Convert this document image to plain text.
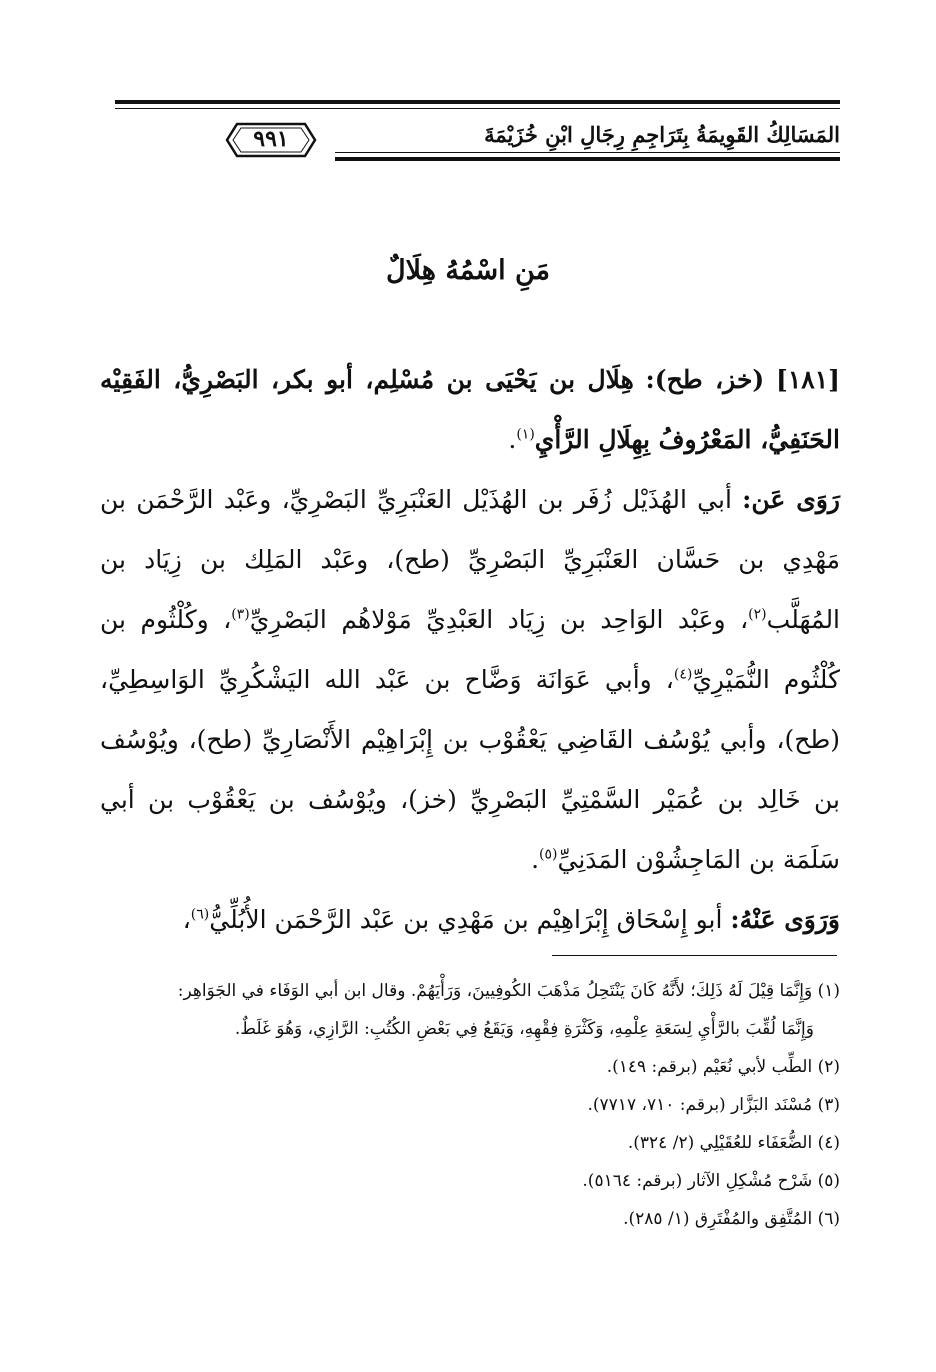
المَسَالِكُ القَوِيمَةُ بِتَرَاجِمِ رِجَالِ ابْنِ خُزَيْمَةَ
٩٩١
مَنِ اسْمُهُ هِلَالٌ

[١٨١] (خز، طح): هِلَال بن يَحْيَى بن مُسْلِم، أبو بكر، البَصْرِيُّ، الفَقِيْه الحَنَفِيُّ، المَعْرُوفُ بِهِلَالِ الرَّأْيِ$^{(١)}$.

رَوَى عَن: أبي الهُذَيْل زُفَر بن الهُذَيْل العَنْبَرِيِّ البَصْرِيِّ، وعَبْد الرَّحْمَن بن مَهْدِي بن حَسَّان العَنْبَرِيِّ البَصْرِيِّ (طح)، وعَبْد المَلِك بن زِيَاد بن المُهَلَّب$^{(٢)}$، وعَبْد الوَاحِد بن زِيَاد العَبْدِيِّ مَوْلاهُم البَصْرِيِّ$^{(٣)}$، وكُلْثُوم بن كُلْثُوم النُّمَيْرِيِّ$^{(٤)}$، وأبي عَوَانَة وَضَّاح بن عَبْد الله اليَشْكُرِيِّ الوَاسِطِيِّ، (طح)، وأبي يُوْسُف القَاضِي يَعْقُوْب بن إِبْرَاهِيْم الأَنْصَارِيِّ (طح)، ويُوْسُف بن خَالِد بن عُمَيْر السَّمْتِيِّ البَصْرِيِّ (خز)، ويُوْسُف بن يَعْقُوْب بن أبي سَلَمَة بن المَاجِشُوْن المَدَنِيِّ$^{(٥)}$.

وَرَوَى عَنْهُ: أبو إِسْحَاق إِبْرَاهِيْم بن مَهْدِي بن عَبْد الرَّحْمَن الأُبُلِّيُّ$^{(٦)}$،

(١) وَإِنَّمَا قِيْلَ لَهُ ذَلِكَ؛ لأَنَّهُ كَانَ يَنْتَحِلُ مَذْهَبَ الكُوفِيينَ، وَرَأْيَهُمْ. وقال ابن أبي الوَفَاء في الجَوَاهِر:

وَإِنَّمَا لُقِّبَ بالرَّأْيِ لِسَعَةِ عِلْمِهِ، وَكَثْرَةِ فِقْهِهِ، وَيَقَعُ فِي بَعْضِ الكُتُبِ: الرَّازِي، وَهُوَ غَلَطٌ.

(٢) الطِّب لأبي نُعَيْم (برقم: ١٤٩).

(٣) مُسْنَد البَزَّار (برقم: ٧١٠، ٧٧١٧).

(٤) الضُّعَفَاء للعُقَيْلِي (٢/ ٣٢٤).

(٥) شَرْح مُشْكِلِ الآثار (برقم: ٥١٦٤).

(٦) المُتَّفِق والمُفْتَرِق (١/ ٢٨٥).
